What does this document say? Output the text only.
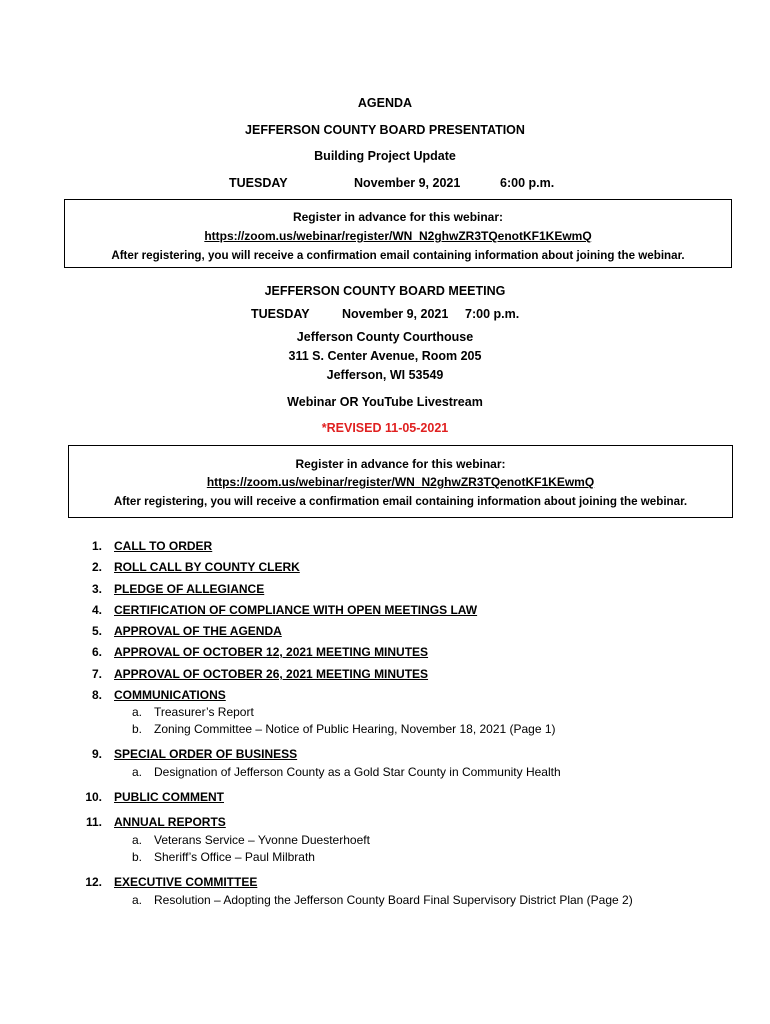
AGENDA
JEFFERSON COUNTY BOARD PRESENTATION
Building Project Update
TUESDAY	November 9, 2021	6:00 p.m.
Register in advance for this webinar:
https://zoom.us/webinar/register/WN_N2ghwZR3TQenotKF1KEwmQ
After registering, you will receive a confirmation email containing information about joining the webinar.
JEFFERSON COUNTY BOARD MEETING
TUESDAY	November 9, 2021 7:00 p.m.
Jefferson County Courthouse
311 S. Center Avenue, Room 205
Jefferson, WI 53549
Webinar OR YouTube Livestream
*REVISED 11-05-2021
Register in advance for this webinar:
https://zoom.us/webinar/register/WN_N2ghwZR3TQenotKF1KEwmQ
After registering, you will receive a confirmation email containing information about joining the webinar.
1. CALL TO ORDER
2. ROLL CALL BY COUNTY CLERK
3. PLEDGE OF ALLEGIANCE
4. CERTIFICATION OF COMPLIANCE WITH OPEN MEETINGS LAW
5. APPROVAL OF THE AGENDA
6. APPROVAL OF OCTOBER 12, 2021 MEETING MINUTES
7. APPROVAL OF OCTOBER 26, 2021 MEETING MINUTES
8. COMMUNICATIONS
a. Treasurer’s Report
b. Zoning Committee – Notice of Public Hearing, November 18, 2021 (Page 1)
9. SPECIAL ORDER OF BUSINESS
a. Designation of Jefferson County as a Gold Star County in Community Health
10. PUBLIC COMMENT
11. ANNUAL REPORTS
a. Veterans Service – Yvonne Duesterhoeft
b. Sheriff’s Office – Paul Milbrath
12. EXECUTIVE COMMITTEE
a. Resolution – Adopting the Jefferson County Board Final Supervisory District Plan (Page 2)
